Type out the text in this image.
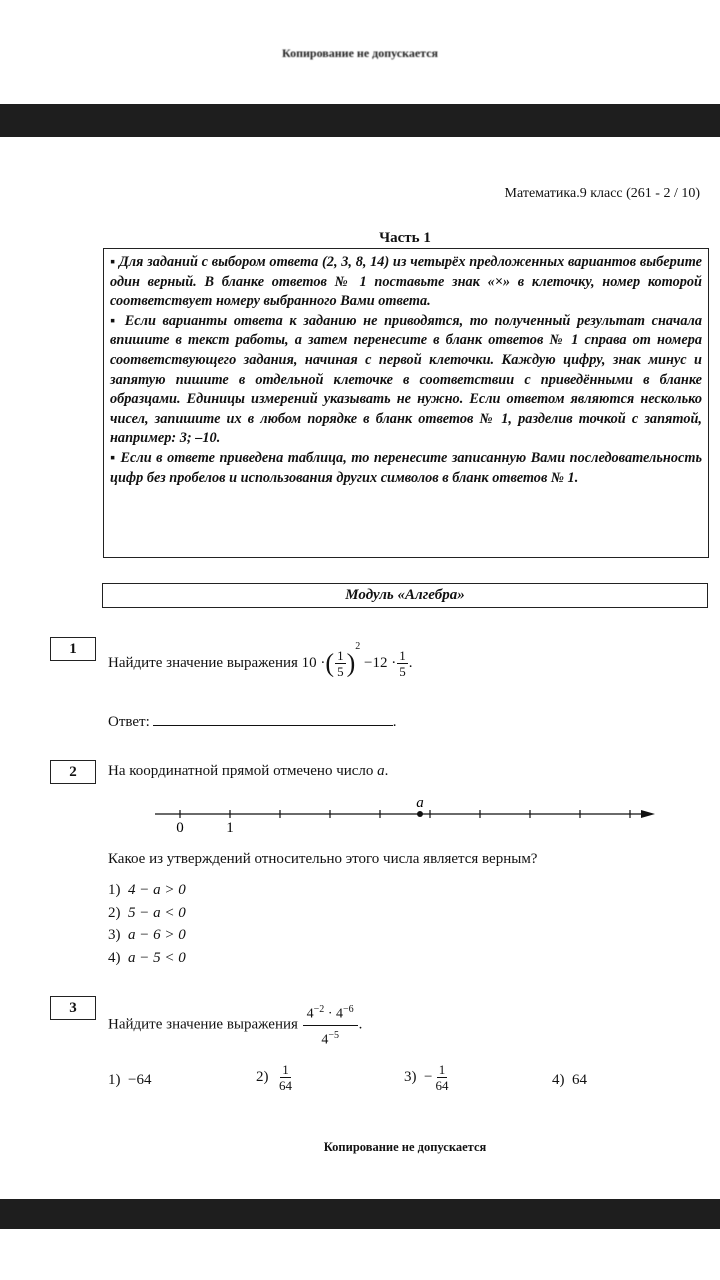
Копирование не допускается
Математика.9 класс (261 - 2 / 10)
Часть 1

▪ Для заданий с выбором ответа (2, 3, 8, 14) из четырёх предложенных вариантов выберите один верный. В бланке ответов № 1 поставьте знак «×» в клеточку, номер которой соответствует номеру выбранного Вами ответа.

▪ Если варианты ответа к заданию не приводятся, то полученный результат сначала впишите в текст работы, а затем перенесите в бланк ответов № 1 справа от номера соответствующего задания, начиная с первой клеточки. Каждую цифру, знак минус и запятую пишите в отдельной клеточке в соответствии с приведёнными в бланке образцами. Единицы измерений указывать не нужно. Если ответом являются несколько чисел, запишите их в любом порядке в бланк ответов № 1, разделив точкой с запятой, например: 3; –10.

▪ Если в ответе приведена таблица, то перенесите записанную Вами последовательность цифр без пробелов и использования других символов в бланк ответов № 1.

Модуль «Алгебра»
1
Найдите значение выражения 10 ·( $\frac{1}{5} )^2 -12 \cdot \frac{1}{5}$ .
Ответ:	.
2	На координатной прямой отмечено число a.
0	1
a
Какое из утверждений относительно этого числа является верным?
1) 4 − a > 0
2) 5 − a < 0
3) a − 6 > 0
4) a − 5 < 0
3
Найдите значение выражения $\frac{4^{-2} \cdot 4^{-6}}{4^{-5}}$ .
1) −64	$2) \frac{1}{64}$	$3) - \frac{1}{64}$	4) 64
Копирование не допускается
